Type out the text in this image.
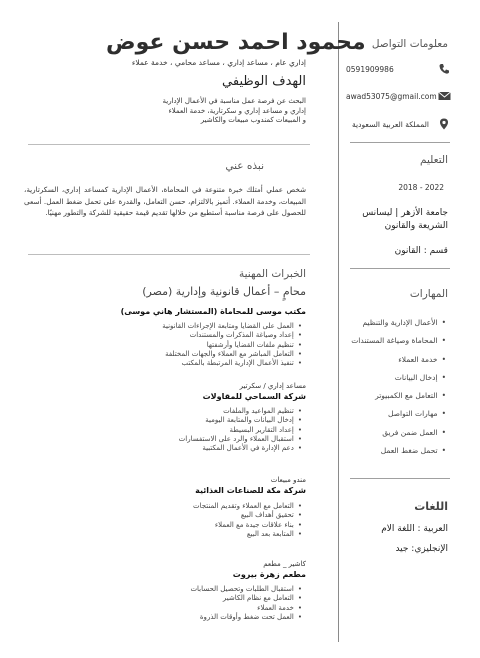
معلومات التواصل
0591909986
awad53075@gmail.com
المملكة العربية السعودية
التعليم
2018 - 2022
جامعة الأزهر | ليسانس
الشريعة والقانون
قسم : القانون
المهارات
• الأعمال الإدارية والتنظيم
• المحاماة وصياغة المستندات
• خدمة العملاء
• إدخال البيانات
• التعامل مع الكمبيوتر
• مهارات التواصل
• العمل ضمن فريق
• تحمل ضغط العمل
اللغات
العربية : اللغة الام
الإنجليزي: جيد
محمود احمد حسن عوض
إداري عام ، مساعد إداري ، مساعد محامي ، خدمة عملاء
الهدف الوظيفي

البحث عن فرصة عمل مناسبة في الأعمال الإدارية
إداري و مساعد إداري و سكرتارية، خدمة العملاء
و المبيعات كمندوب مبيعات والكاشير

نبذه عني

شخص عملي أمتلك خبرة متنوعة في المحاماة، الأعمال الإدارية كمساعد إداري، السكرتارية، المبيعات، وخدمة العملاء. أتميز بالالتزام، حسن التعامل، والقدرة على تحمل ضغط العمل. أسعى للحصول على فرصة مناسبة أستطيع من خلالها تقديم قيمة حقيقية للشركة والتطور مهنيًا.

الخبرات المهنية
محامٍ – أعمال قانونية وإدارية (مصر)
مكتب موسى للمحاماة (المستشار هاني موسى)
• العمل على القضايا ومتابعة الإجراءات القانونية
• إعداد وصياغة المذكرات والمستندات
• تنظيم ملفات القضايا وأرشفتها
• التعامل المباشر مع العملاء والجهات المختلفة
• تنفيذ الأعمال الإدارية المرتبطة بالمكتب
مساعد إداري / سكرتير
شركة السماحي للمقاولات
• تنظيم المواعيد والملفات
• إدخال البيانات والمتابعة اليومية
• إعداد التقارير البسيطة
• استقبال العملاء والرد على الاستفسارات
• دعم الإدارة في الأعمال المكتبية
مندو مبيعات
شركة مكة للصناعات الغذائية
• التعامل مع العملاء وتقديم المنتجات
• تحقيق أهداف البيع
• بناء علاقات جيدة مع العملاء
• المتابعة بعد البيع
كاشير _ مطعم
مطعم زهرة بيروت
• استقبال الطلبات وتحصيل الحسابات
• التعامل مع نظام الكاشير
• خدمة العملاء
• العمل تحت ضغط وأوقات الذروة
